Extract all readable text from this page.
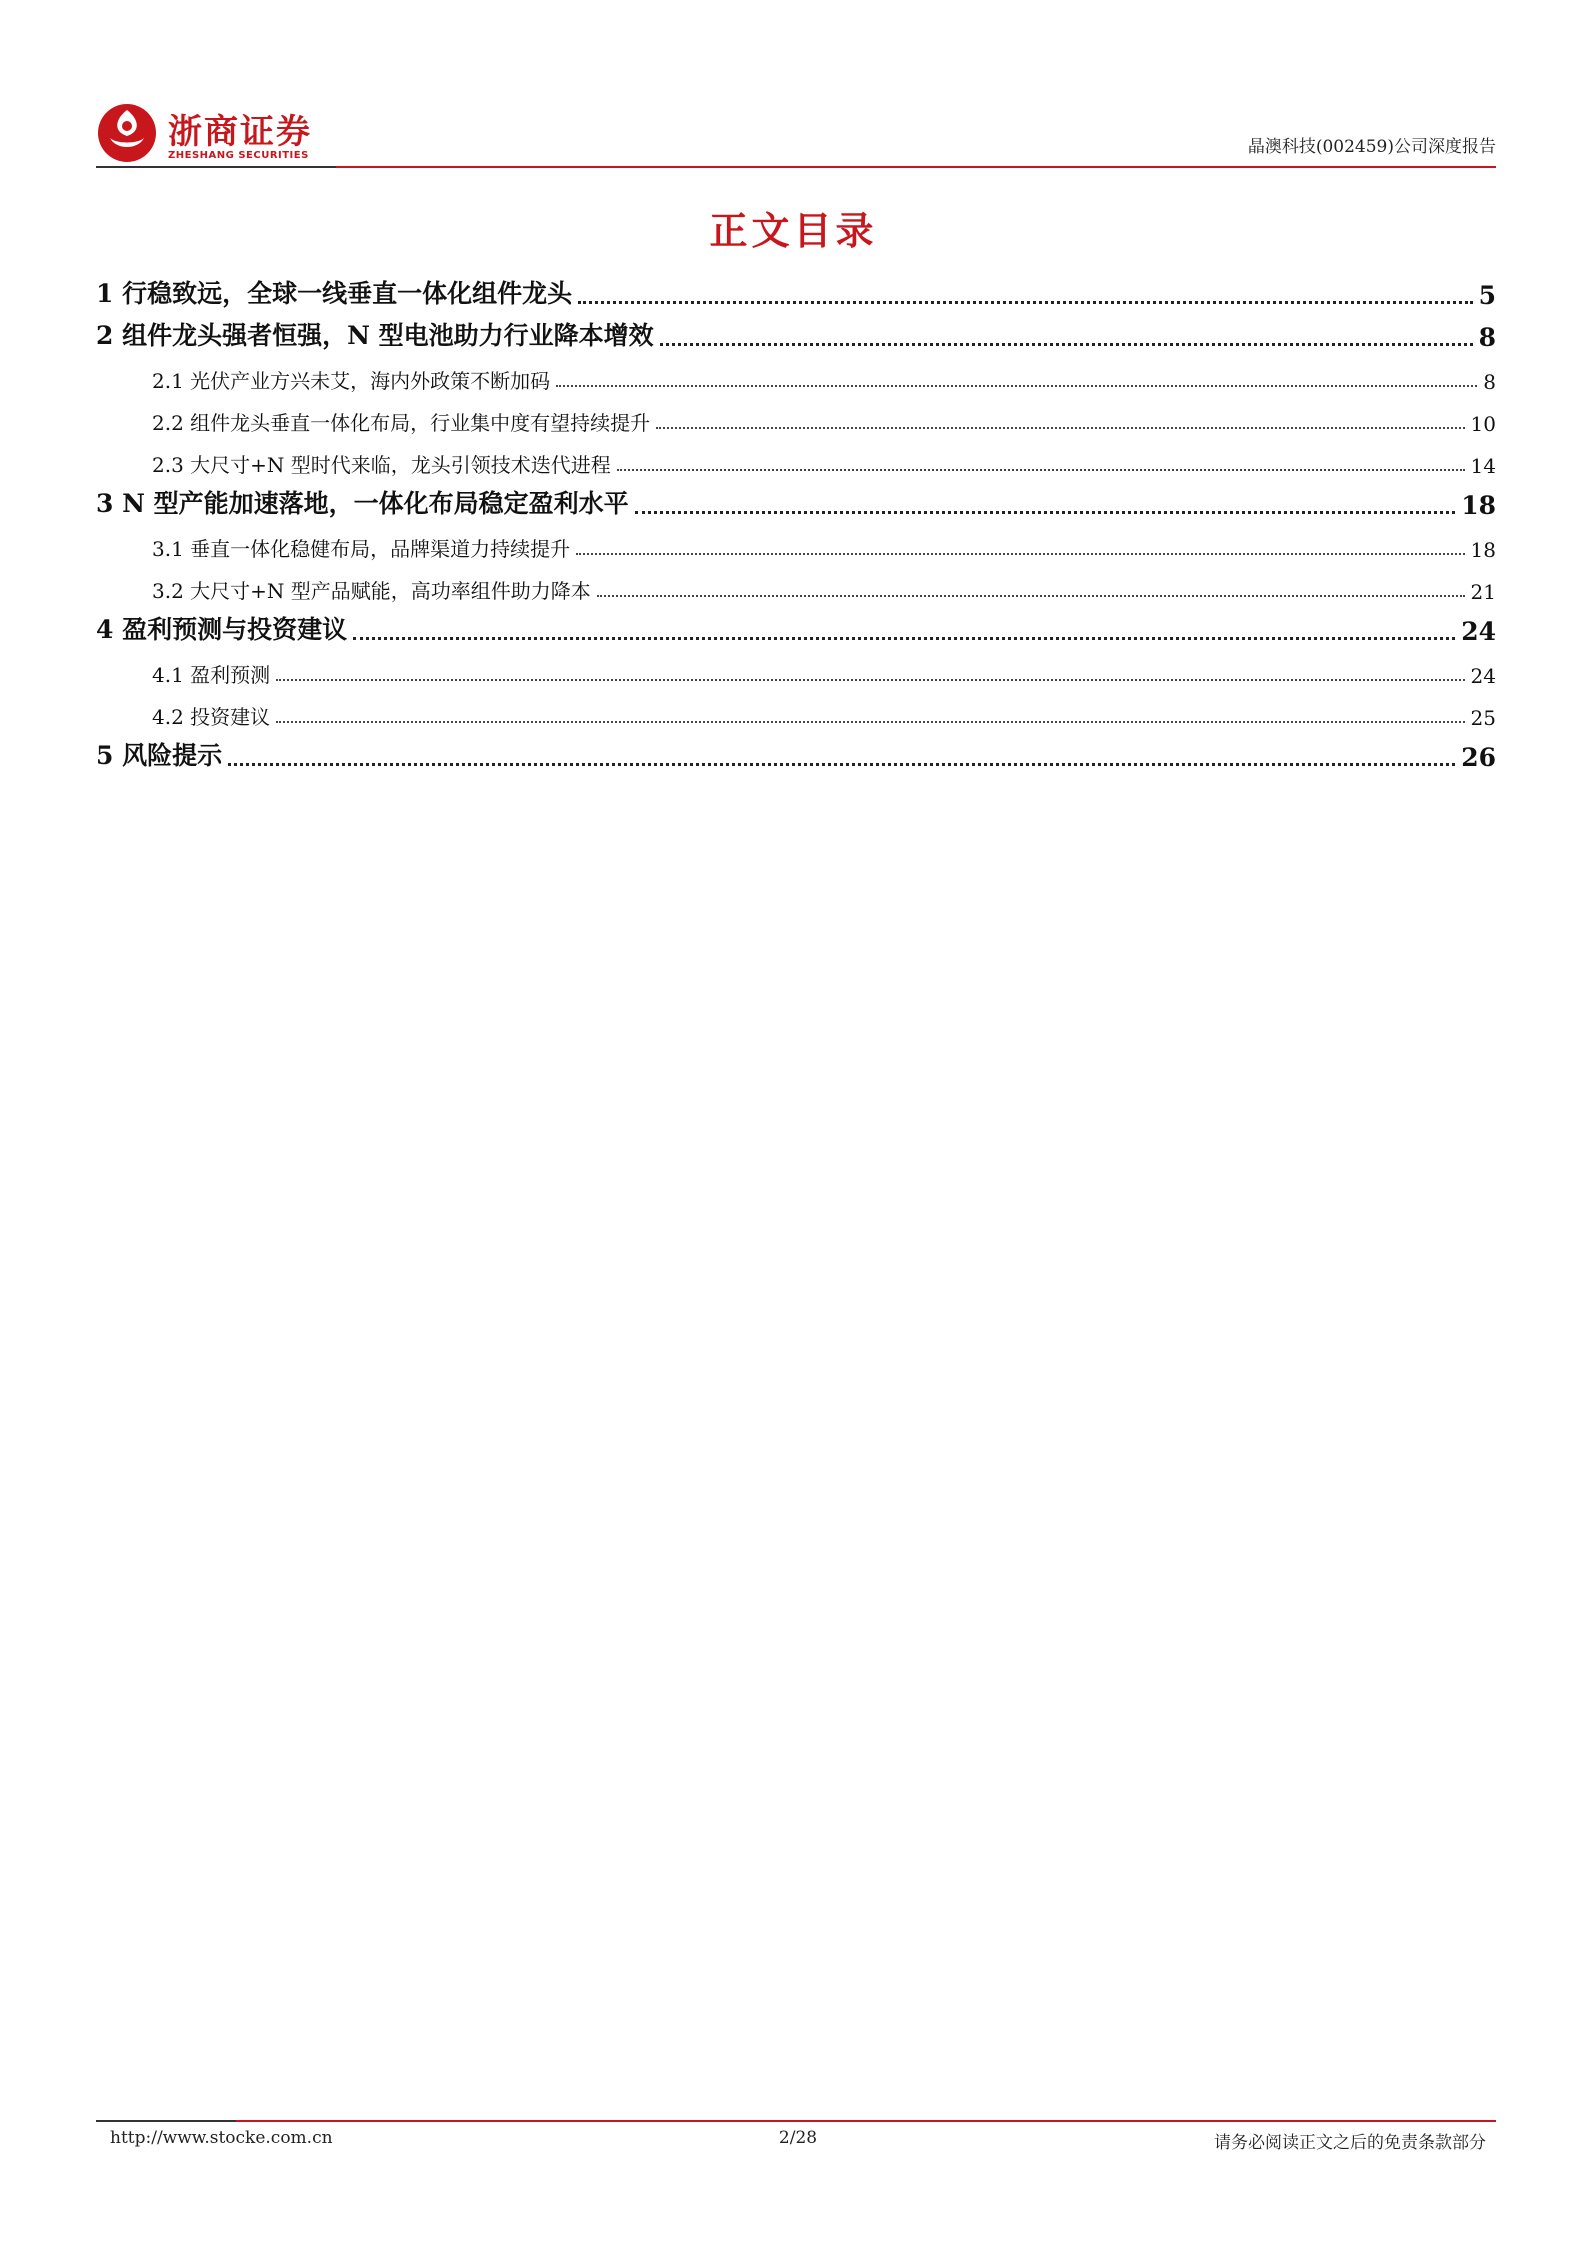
浙商证券
ZHESHANG SECURITIES	晶澳科技(002459)公司深度报告
正文目录
1 行稳致远，全球一线垂直一体化组件龙头	5
2 组件龙头强者恒强，N 型电池助力行业降本增效	8
2.1 光伏产业方兴未艾，海内外政策不断加码	8
2.2 组件龙头垂直一体化布局，行业集中度有望持续提升	10
2.3 大尺寸+N 型时代来临，龙头引领技术迭代进程	14
3 N 型产能加速落地，一体化布局稳定盈利水平	18
3.1 垂直一体化稳健布局，品牌渠道力持续提升	18
3.2 大尺寸+N 型产品赋能，高功率组件助力降本	21
4 盈利预测与投资建议	24
4.1 盈利预测	24
4.2 投资建议	25
5 风险提示	26
http://www.stocke.com.cn	2/28	请务必阅读正文之后的免责条款部分
